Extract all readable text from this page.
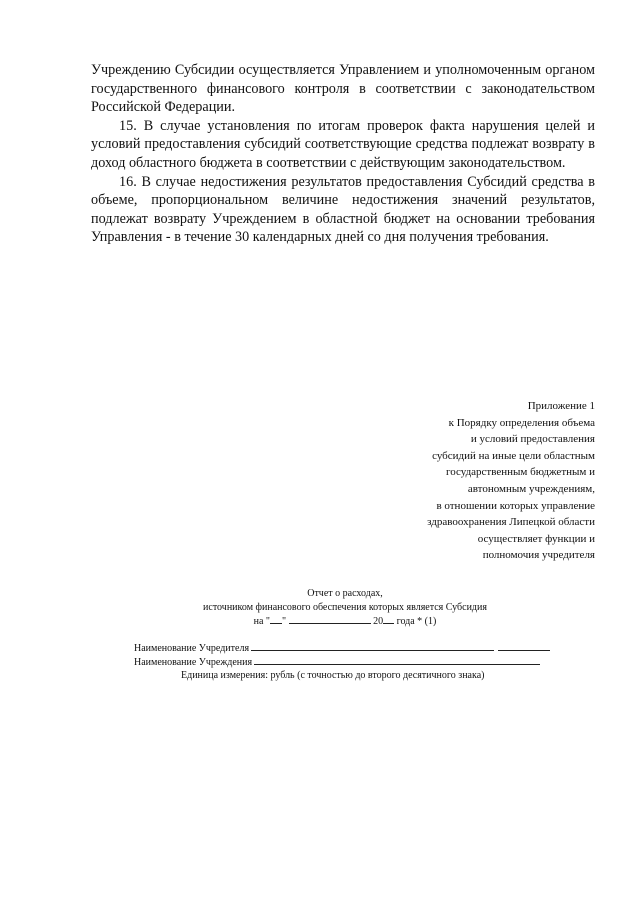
Учреждению Субсидии осуществляется Управлением и уполномоченным органом государственного финансового контроля в соответствии с законодательством Российской Федерации.

15. В случае установления по итогам проверок факта нарушения целей и условий предоставления субсидий соответствующие средства подлежат возврату в доход областного бюджета в соответствии с действующим законодательством.

16. В случае недостижения результатов предоставления Субсидий средства в объеме, пропорциональном величине недостижения значений результатов, подлежат возврату Учреждением в областной бюджет на основании требования Управления - в течение 30 календарных дней со дня получения требования.

Приложение 1
к Порядку определения объема
и условий предоставления
субсидий на иные цели областным
государственным бюджетным и
автономным учреждениям,
в отношении которых управление
здравоохранения Липецкой области
осуществляет функции и
полномочия учредителя
Отчет о расходах,
источником финансового обеспечения которых является Субсидия
на " "	20 года * (1)
Наименование Учредителя
Наименование Учреждения
Единица измерения: рубль (с точностью до второго десятичного знака)
